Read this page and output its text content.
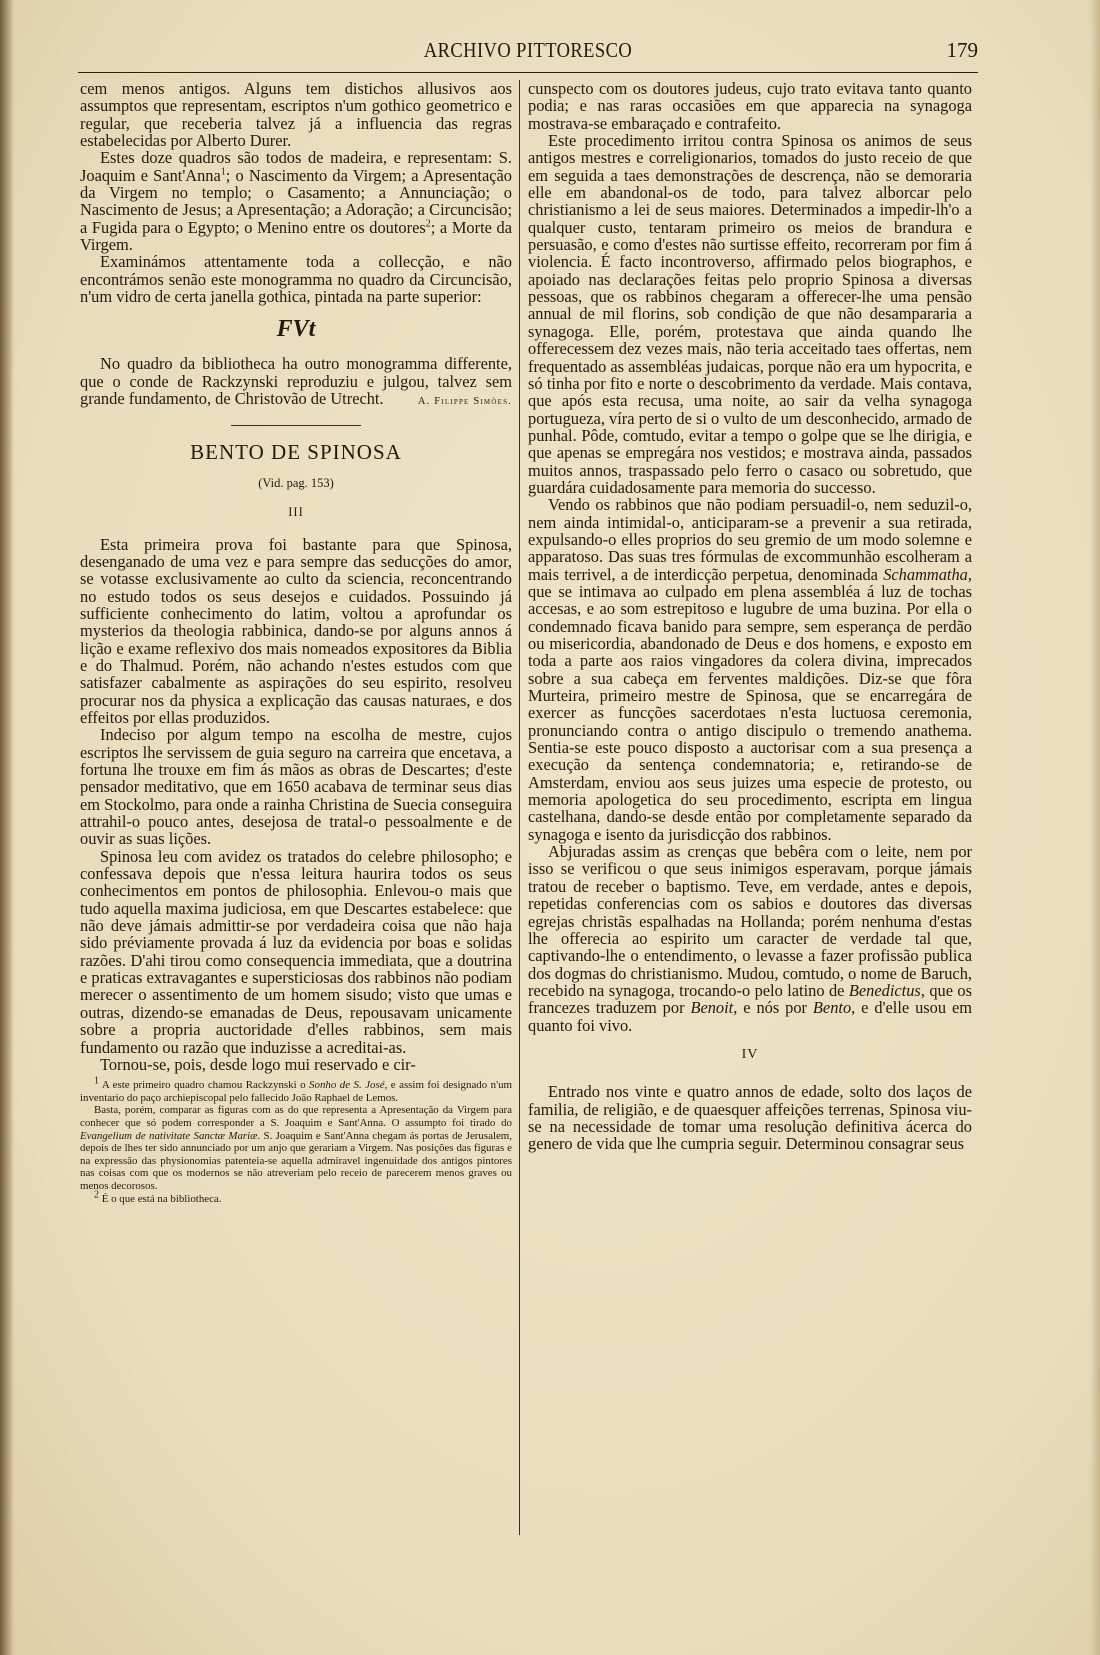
ARCHIVO PITTORESCO	179

cem menos antigos. Alguns tem distichos allusivos aos assumptos que representam, escriptos n'um gothico geometrico e regular, que receberia talvez já a influencia das regras estabelecidas por Alberto Durer.

Estes doze quadros são todos de madeira, e representam: S. Joaquim e Sant'Anna$^1$; o Nascimento da Virgem; a Apresentação da Virgem no templo; o Casamento; a Annunciação; o Nascimento de Jesus; a Apresentação; a Adoração; a Circuncisão; a Fugida para o Egypto; o Menino entre os doutores$^2$; a Morte da Virgem.

Examinámos attentamente toda a collecção, e não encontrámos senão este monogramma no quadro da Circuncisão, n'um vidro de certa janella gothica, pintada na parte superior:

FVt

No quadro da bibliotheca ha outro monogramma differente, que o conde de Rackzynski reproduziu e julgou, talvez sem grande fundamento, de Christovão de Utrecht.	A. Filippe Simões.

BENTO DE SPINOSA
(Vid. pag. 153)
III

Esta primeira prova foi bastante para que Spinosa, desenganado de uma vez e para sempre das seducções do amor, se votasse exclusivamente ao culto da sciencia, reconcentrando no estudo todos os seus desejos e cuidados. Possuindo já sufficiente conhecimento do latim, voltou a aprofundar os mysterios da theologia rabbinica, dando-se por alguns annos á lição e exame reflexivo dos mais nomeados expositores da Biblia e do Thalmud. Porém, não achando n'estes estudos com que satisfazer cabalmente as aspirações do seu espirito, resolveu procurar nos da physica a explicação das causas naturaes, e dos effeitos por ellas produzidos.

Indeciso por algum tempo na escolha de mestre, cujos escriptos lhe servissem de guia seguro na carreira que encetava, a fortuna lhe trouxe em fim ás mãos as obras de Descartes; d'este pensador meditativo, que em 1650 acabava de terminar seus dias em Stockolmo, para onde a rainha Christina de Suecia conseguira attrahil-o pouco antes, desejosa de tratal-o pessoalmente e de ouvir as suas lições.

Spinosa leu com avidez os tratados do celebre philosopho; e confessava depois que n'essa leitura haurira todos os seus conhecimentos em pontos de philosophia. Enlevou-o mais que tudo aquella maxima judiciosa, em que Descartes estabelece: que não deve jámais admittir-se por verdadeira coisa que não haja sido préviamente provada á luz da evidencia por boas e solidas razões. D'ahi tirou como consequencia immediata, que a doutrina e praticas extravagantes e supersticiosas dos rabbinos não podiam merecer o assentimento de um homem sisudo; visto que umas e outras, dizendo-se emanadas de Deus, repousavam unicamente sobre a propria auctoridade d'elles rabbinos, sem mais fundamento ou razão que induzisse a acreditai-as.

Tornou-se, pois, desde logo mui reservado e cir-

$^1$ A este primeiro quadro chamou Rackzynski o Sonho de S. José, e assim foi designado n'um inventario do paço archiepiscopal pelo fallecido João Raphael de Lemos.

Basta, porém, comparar as figuras com as do que representa a Apresentação da Virgem para conhecer que só podem corresponder a S. Joaquim e Sant'Anna. O assumpto foi tirado do Evangelium de nativitate Sanctæ Mariæ. S. Joaquim e Sant'Anna chegam ás portas de Jerusalem, depois de lhes ter sido annunciado por um anjo que gerariam a Virgem. Nas posições das figuras e na expressão das physionomias patenteia-se aquella admiravel ingenuidade dos antigos pintores nas coisas com que os modernos se não atreveriam pelo receio de parecerem menos graves ou menos decorosos.

$^2$ É o que está na bibliotheca.

cunspecto com os doutores judeus, cujo trato evitava tanto quanto podia; e nas raras occasiões em que apparecia na synagoga mostrava-se embaraçado e contrafeito.

Este procedimento irritou contra Spinosa os animos de seus antigos mestres e correligionarios, tomados do justo receio de que em seguida a taes demonstrações de descrença, não se demoraria elle em abandonal-os de todo, para talvez alborcar pelo christianismo a lei de seus maiores. Determinados a impedir-lh'o a qualquer custo, tentaram primeiro os meios de brandura e persuasão, e como d'estes não surtisse effeito, recorreram por fim á violencia. É facto incontroverso, affirmado pelos biographos, e apoiado nas declarações feitas pelo proprio Spinosa a diversas pessoas, que os rabbinos chegaram a offerecer-lhe uma pensão annual de mil florins, sob condição de que não desampararia a synagoga. Elle, porém, protestava que ainda quando lhe offerecessem dez vezes mais, não teria acceitado taes offertas, nem frequentado as assembléas judaicas, porque não era um hypocrita, e só tinha por fito e norte o descobrimento da verdade. Mais contava, que após esta recusa, uma noite, ao sair da velha synagoga portugueza, víra perto de si o vulto de um desconhecido, armado de punhal. Pôde, comtudo, evitar a tempo o golpe que se lhe dirigia, e que apenas se empregára nos vestidos; e mostrava ainda, passados muitos annos, traspassado pelo ferro o casaco ou sobretudo, que guardára cuidadosamente para memoria do successo.

Vendo os rabbinos que não podiam persuadil-o, nem seduzil-o, nem ainda intimidal-o, anticiparam-se a prevenir a sua retirada, expulsando-o elles proprios do seu gremio de um modo solemne e apparatoso. Das suas tres fórmulas de excommunhão escolheram a mais terrivel, a de interdicção perpetua, denominada Schammatha, que se intimava ao culpado em plena assembléa á luz de tochas accesas, e ao som estrepitoso e lugubre de uma buzina. Por ella o condemnado ficava banido para sempre, sem esperança de perdão ou misericordia, abandonado de Deus e dos homens, e exposto em toda a parte aos raios vingadores da colera divina, imprecados sobre a sua cabeça em ferventes maldições. Diz-se que fôra Murteira, primeiro mestre de Spinosa, que se encarregára de exercer as funcções sacerdotaes n'esta luctuosa ceremonia, pronunciando contra o antigo discipulo o tremendo anathema. Sentia-se este pouco disposto a auctorisar com a sua presença a execução da sentença condemnatoria; e, retirando-se de Amsterdam, enviou aos seus juizes uma especie de protesto, ou memoria apologetica do seu procedimento, escripta em lingua castelhana, dando-se desde então por completamente separado da synagoga e isento da jurisdicção dos rabbinos.

Abjuradas assim as crenças que bebêra com o leite, nem por isso se verificou o que seus inimigos esperavam, porque jámais tratou de receber o baptismo. Teve, em verdade, antes e depois, repetidas conferencias com os sabios e doutores das diversas egrejas christãs espalhadas na Hollanda; porém nenhuma d'estas lhe offerecia ao espirito um caracter de verdade tal que, captivando-lhe o entendimento, o levasse a fazer profissão publica dos dogmas do christianismo. Mudou, comtudo, o nome de Baruch, recebido na synagoga, trocando-o pelo latino de Benedictus, que os francezes traduzem por Benoit, e nós por Bento, e d'elle usou em quanto foi vivo.

IV

Entrado nos vinte e quatro annos de edade, solto dos laços de familia, de religião, e de quaesquer affeições terrenas, Spinosa viu-se na necessidade de tomar uma resolução definitiva ácerca do genero de vida que lhe cumpria seguir. Determinou consagrar seus
